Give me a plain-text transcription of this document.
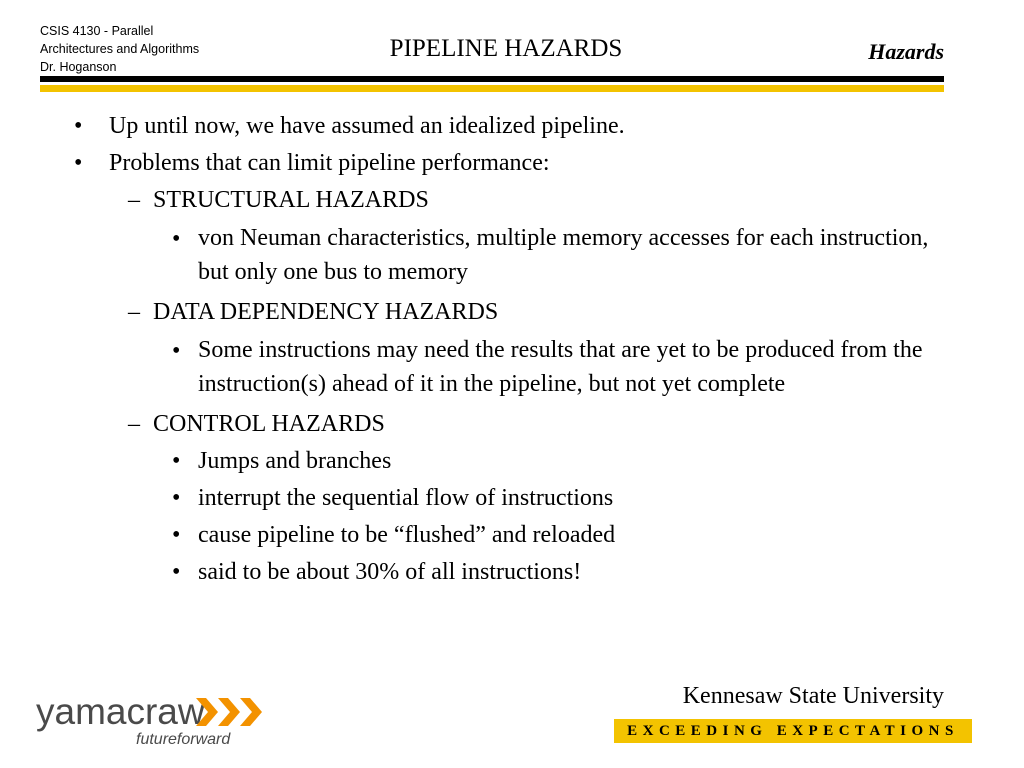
CSIS 4130 - Parallel
Architectures and Algorithms
Dr. Hoganson
PIPELINE HAZARDS	Hazards
• Up until now, we have assumed an idealized pipeline.
• Problems that can limit pipeline performance:
– STRUCTURAL HAZARDS
• von Neuman characteristics, multiple memory accesses for each instruction, but only one bus to memory
– DATA DEPENDENCY HAZARDS
• Some instructions may need the results that are yet to be produced from the instruction(s) ahead of it in the pipeline, but not yet complete
– CONTROL HAZARDS
• Jumps and branches
• interrupt the sequential flow of instructions
• cause pipeline to be “flushed” and reloaded
• said to be about 30% of all instructions!
yamacraw
futureforward
Kennesaw State University
EXCEEDING EXPECTATIONS
